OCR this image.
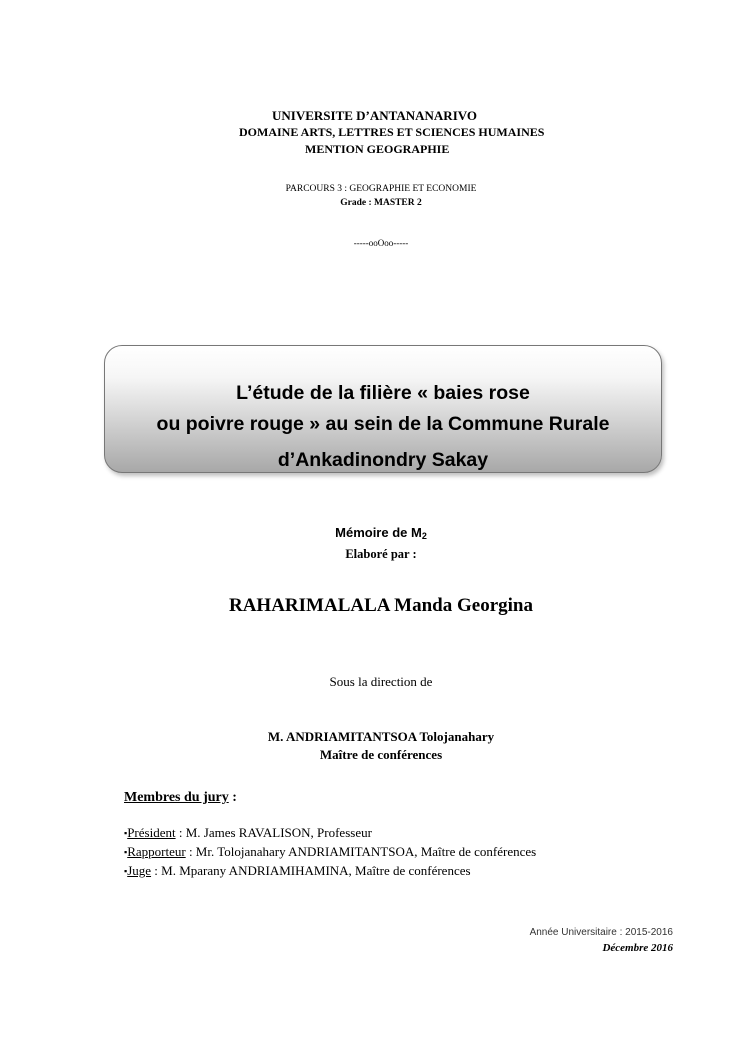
UNIVERSITE D’ANTANANARIVO
DOMAINE ARTS, LETTRES ET SCIENCES HUMAINES
MENTION GEOGRAPHIE
PARCOURS 3 : GEOGRAPHIE ET ECONOMIE
Grade : MASTER 2
-----ooOoo-----
L’étude de la filière « baies rose
ou poivre rouge » au sein de la Commune Rurale
d’Ankadinondry Sakay
Mémoire de M2
Elaboré par :
RAHARIMALALA Manda Georgina
Sous la direction de
M. ANDRIAMITANTSOA Tolojanahary
Maître de conférences
Membres du jury :
▪Président : M. James RAVALISON, Professeur
▪Rapporteur : Mr. Tolojanahary ANDRIAMITANTSOA, Maître de conférences
▪Juge : M. Mparany ANDRIAMIHAMINA, Maître de conférences
Année Universitaire : 2015-2016
Décembre 2016
